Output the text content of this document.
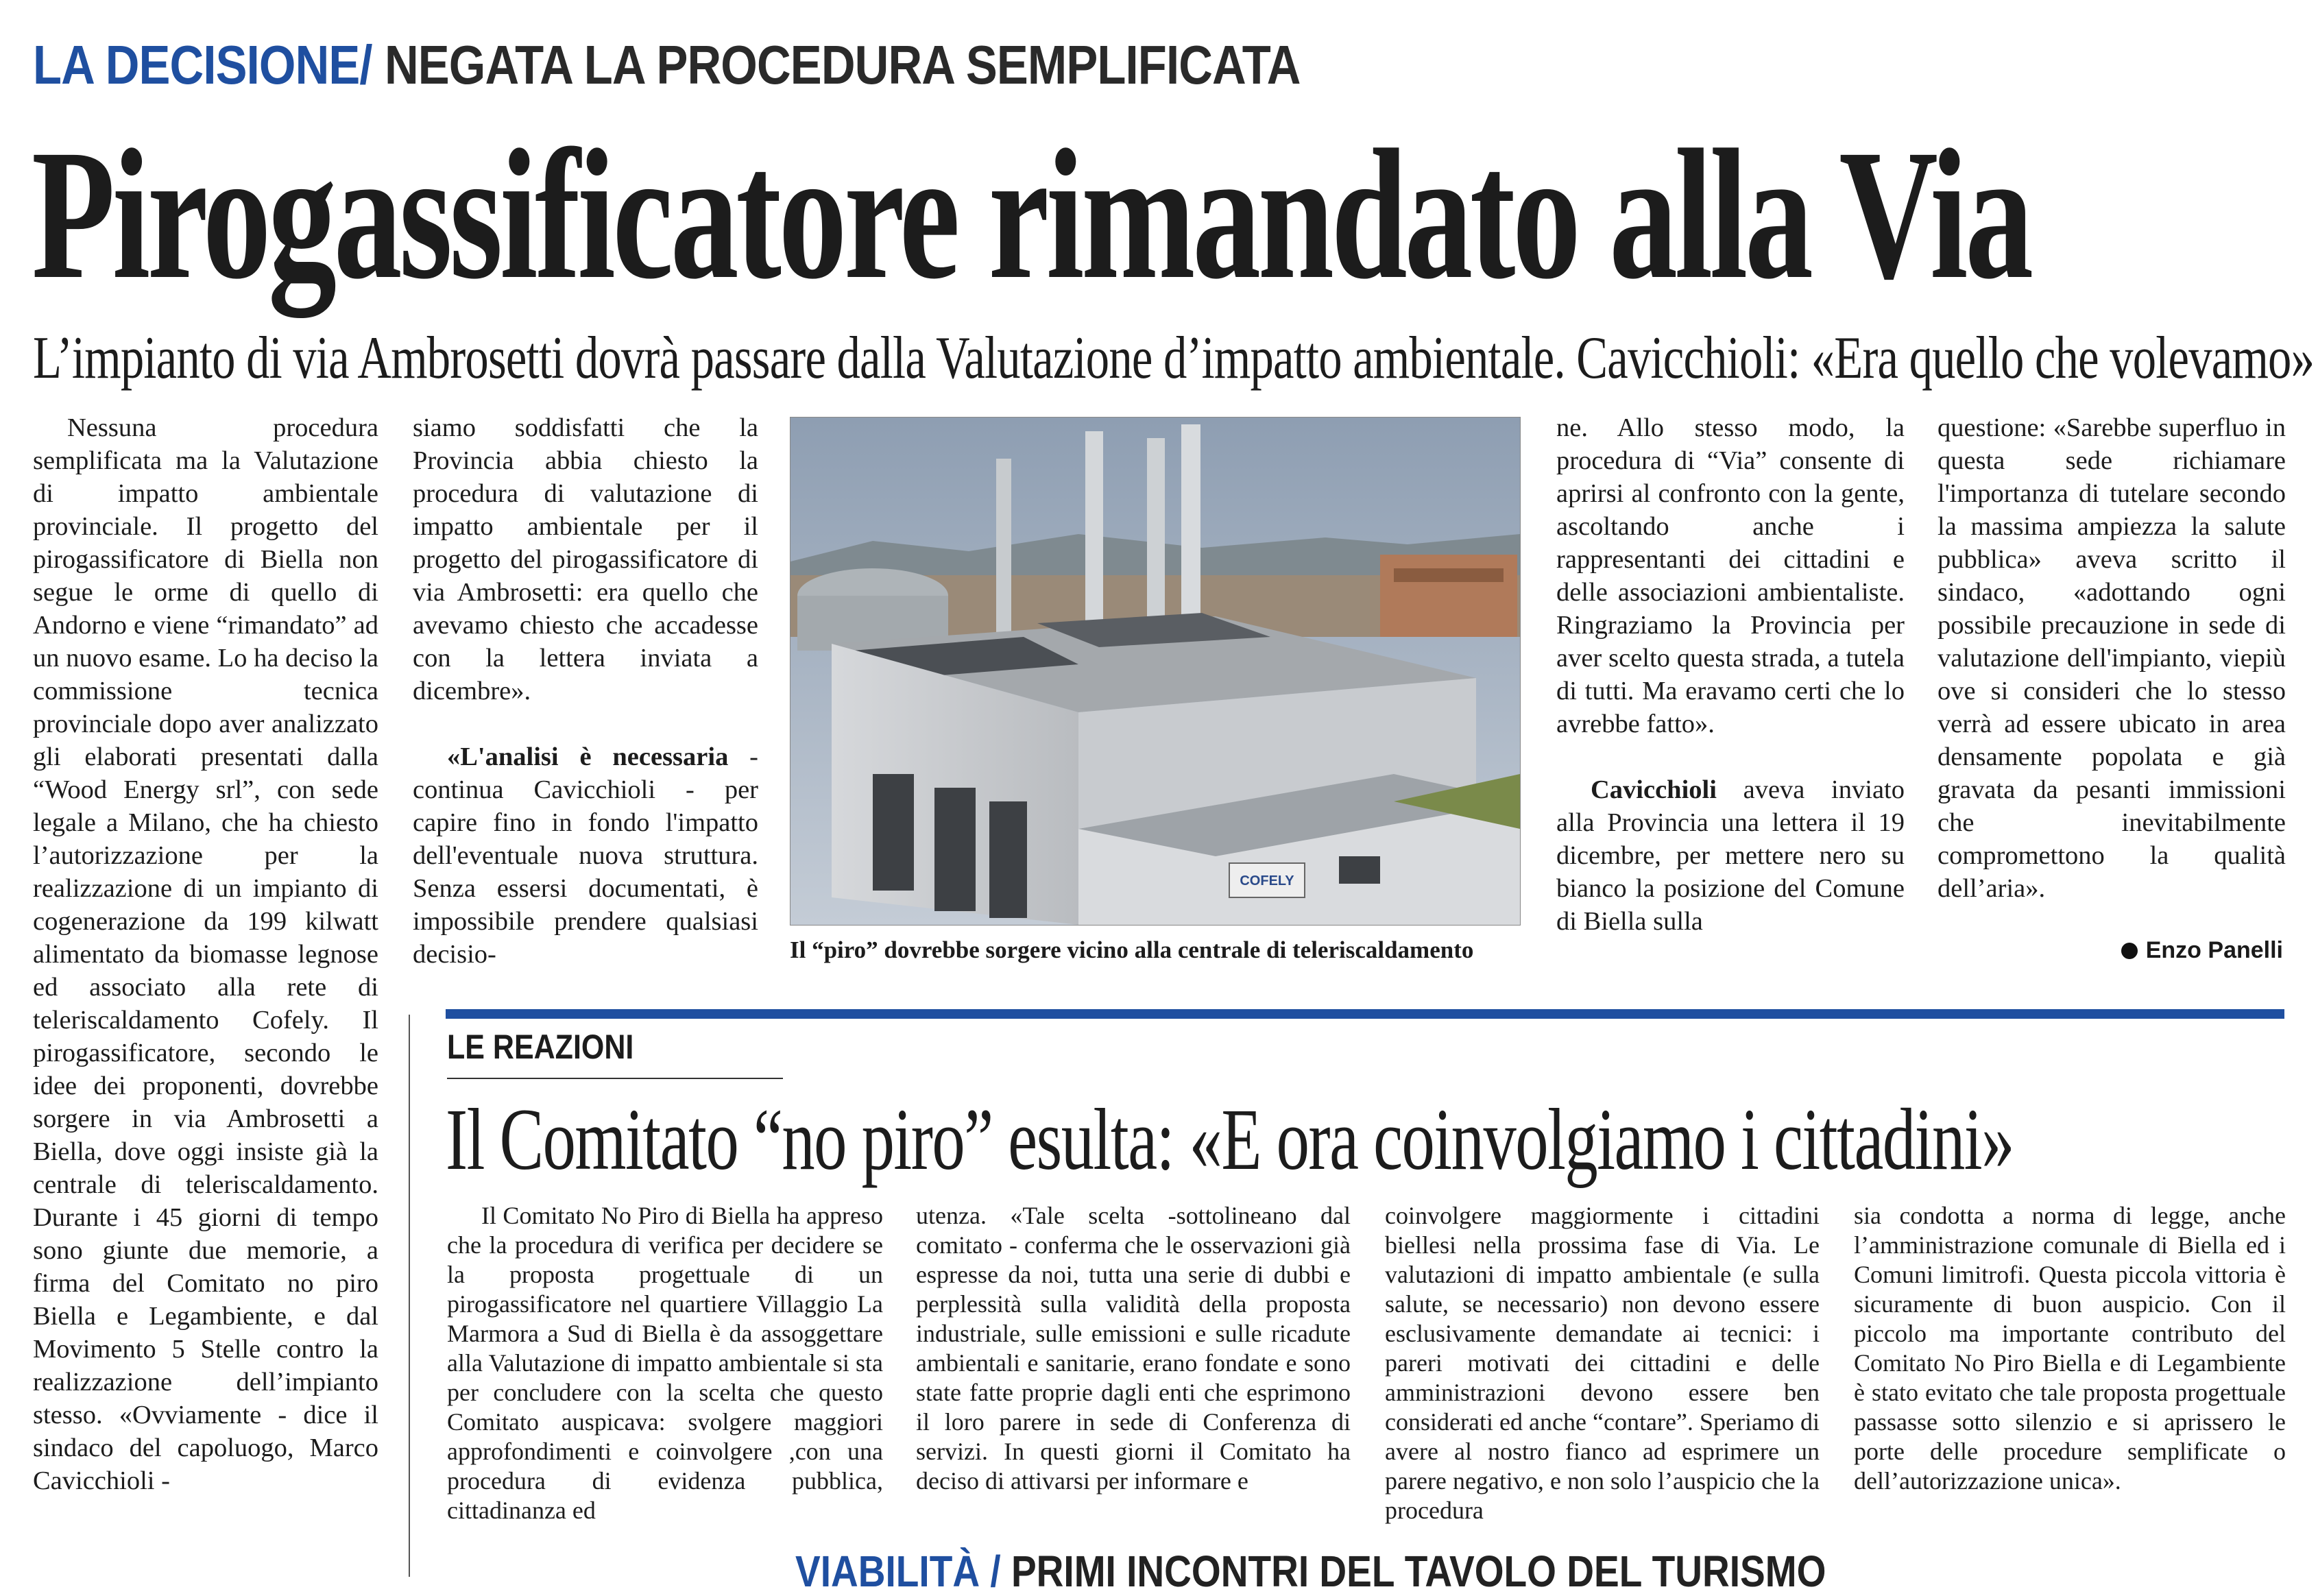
LA DECISIONE/ NEGATA LA PROCEDURA SEMPLIFICATA
Pirogassificatore rimandato alla Via
L’impianto di via Ambrosetti dovrà passare dalla Valutazione d’impatto ambientale. Cavicchioli: «Era quello che volevamo»

Nessuna procedura semplificata ma la Valutazione di impatto ambientale provinciale. Il progetto del pirogassificatore di Biella non segue le orme di quello di Andorno e viene “rimandato” ad un nuovo esame. Lo ha deciso la commissione tecnica provinciale dopo aver analizzato gli elaborati presentati dalla “Wood Energy srl”, con sede legale a Milano, che ha chiesto l’autorizzazione per la realizzazione di un impianto di cogenerazione da 199 kilwatt alimentato da biomasse legnose ed associato alla rete di teleriscaldamento Cofely. Il pirogassificatore, secondo le idee dei proponenti, dovrebbe sorgere in via Ambrosetti a Biella, dove oggi insiste già la centrale di teleriscaldamento. Durante i 45 giorni di tempo sono giunte due memorie, a firma del Comitato no piro Biella e Legambiente, e dal Movimento 5 Stelle contro la realizzazione dell’impianto stesso. «Ovviamente - dice il sindaco del capoluogo, Marco Cavicchioli -

siamo soddisfatti che la Provincia abbia chiesto la procedura di valutazione di impatto ambientale per il progetto del pirogassificatore di via Ambrosetti: era quello che avevamo chiesto che accadesse con la lettera inviata a dicembre».

«L'analisi è necessaria - continua Cavicchioli - per capire fino in fondo l'impatto dell'eventuale nuova struttura. Senza essersi documentati, è impossibile prendere qualsiasi decisio-

COFELY
Il “piro” dovrebbe sorgere vicino alla centrale di teleriscaldamento

ne. Allo stesso modo, la procedura di “Via” consente di aprirsi al confronto con la gente, ascoltando anche i rappresentanti dei cittadini e delle associazioni ambientaliste. Ringraziamo la Provincia per aver scelto questa strada, a tutela di tutti. Ma eravamo certi che lo avrebbe fatto».

Cavicchioli aveva inviato alla Provincia una lettera il 19 dicembre, per mettere nero su bianco la posizione del Comune di Biella sulla

questione: «Sarebbe superfluo in questa sede richiamare l'importanza di tutelare secondo la massima ampiezza la salute pubblica» aveva scritto il sindaco, «adottando ogni possibile precauzione in sede di valutazione dell'impianto, viepiù ove si consideri che lo stesso verrà ad essere ubicato in area densamente popolata e già gravata da pesanti immissioni che inevitabilmente compromettono la qualità dell’aria».

Enzo Panelli
LE REAZIONI
Il Comitato “no piro” esulta: «E ora coinvolgiamo i cittadini»

Il Comitato No Piro di Biella ha appreso che la procedura di verifica per decidere se la proposta progettuale di un pirogassificatore nel quartiere Villaggio La Marmora a Sud di Biella è da assoggettare alla Valutazione di impatto ambientale si sta per concludere con la scelta che questo Comitato auspicava: svolgere maggiori approfondimenti e coinvolgere ,con una procedura di evidenza pubblica, cittadinanza ed

utenza. «Tale scelta -sottolineano dal comitato - conferma che le osservazioni già espresse da noi, tutta una serie di dubbi e perplessità sulla validità della proposta industriale, sulle emissioni e sulle ricadute ambientali e sanitarie, erano fondate e sono state fatte proprie dagli enti che esprimono il loro parere in sede di Conferenza di servizi. In questi giorni il Comitato ha deciso di attivarsi per informare e

coinvolgere maggiormente i cittadini biellesi nella prossima fase di Via. Le valutazioni di impatto ambientale (e sulla salute, se necessario) non devono essere esclusivamente demandate ai tecnici: i pareri motivati dei cittadini e delle amministrazioni devono essere ben considerati ed anche “contare”. Speriamo di avere al nostro fianco ad esprimere un parere negativo, e non solo l’auspicio che la procedura

sia condotta a norma di legge, anche l’amministrazione comunale di Biella ed i Comuni limitrofi. Questa piccola vittoria è sicuramente di buon auspicio. Con il piccolo ma importante contributo del Comitato No Piro Biella e di Legambiente è stato evitato che tale proposta progettuale passasse sotto silenzio e si aprissero le porte delle procedure semplificate o dell’autorizzazione unica».

VIABILITÀ / PRIMI INCONTRI DEL TAVOLO DEL TURISMO
